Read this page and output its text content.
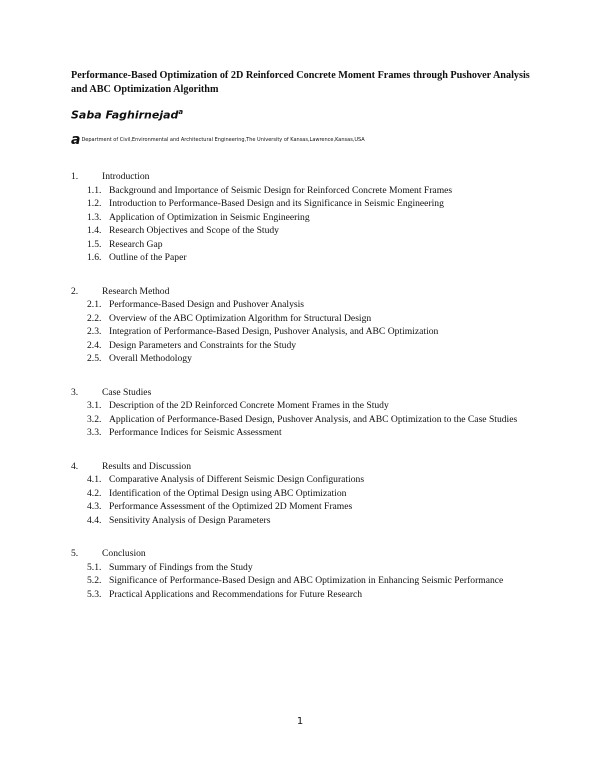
Performance-Based Optimization of 2D Reinforced Concrete Moment Frames through Pushover Analysis and ABC Optimization Algorithm
Saba Faghirnejad$^a$
aDepartment of Civil,Environmental and Architectural Engineering,The University of Kansas,Lawrence,Kansas,USA
1.	Introduction
1.1. Background and Importance of Seismic Design for Reinforced Concrete Moment Frames
1.2. Introduction to Performance-Based Design and its Significance in Seismic Engineering
1.3. Application of Optimization in Seismic Engineering
1.4. Research Objectives and Scope of the Study
1.5. Research Gap
1.6. Outline of the Paper
2.	Research Method
2.1. Performance-Based Design and Pushover Analysis
2.2. Overview of the ABC Optimization Algorithm for Structural Design
2.3. Integration of Performance-Based Design, Pushover Analysis, and ABC Optimization
2.4. Design Parameters and Constraints for the Study
2.5. Overall Methodology
3.	Case Studies
3.1. Description of the 2D Reinforced Concrete Moment Frames in the Study
3.2. Application of Performance-Based Design, Pushover Analysis, and ABC Optimization to the Case Studies
3.3. Performance Indices for Seismic Assessment
4.	Results and Discussion
4.1. Comparative Analysis of Different Seismic Design Configurations
4.2. Identification of the Optimal Design using ABC Optimization
4.3. Performance Assessment of the Optimized 2D Moment Frames
4.4. Sensitivity Analysis of Design Parameters
5.	Conclusion
5.1. Summary of Findings from the Study
5.2. Significance of Performance-Based Design and ABC Optimization in Enhancing Seismic Performance
5.3. Practical Applications and Recommendations for Future Research
1
